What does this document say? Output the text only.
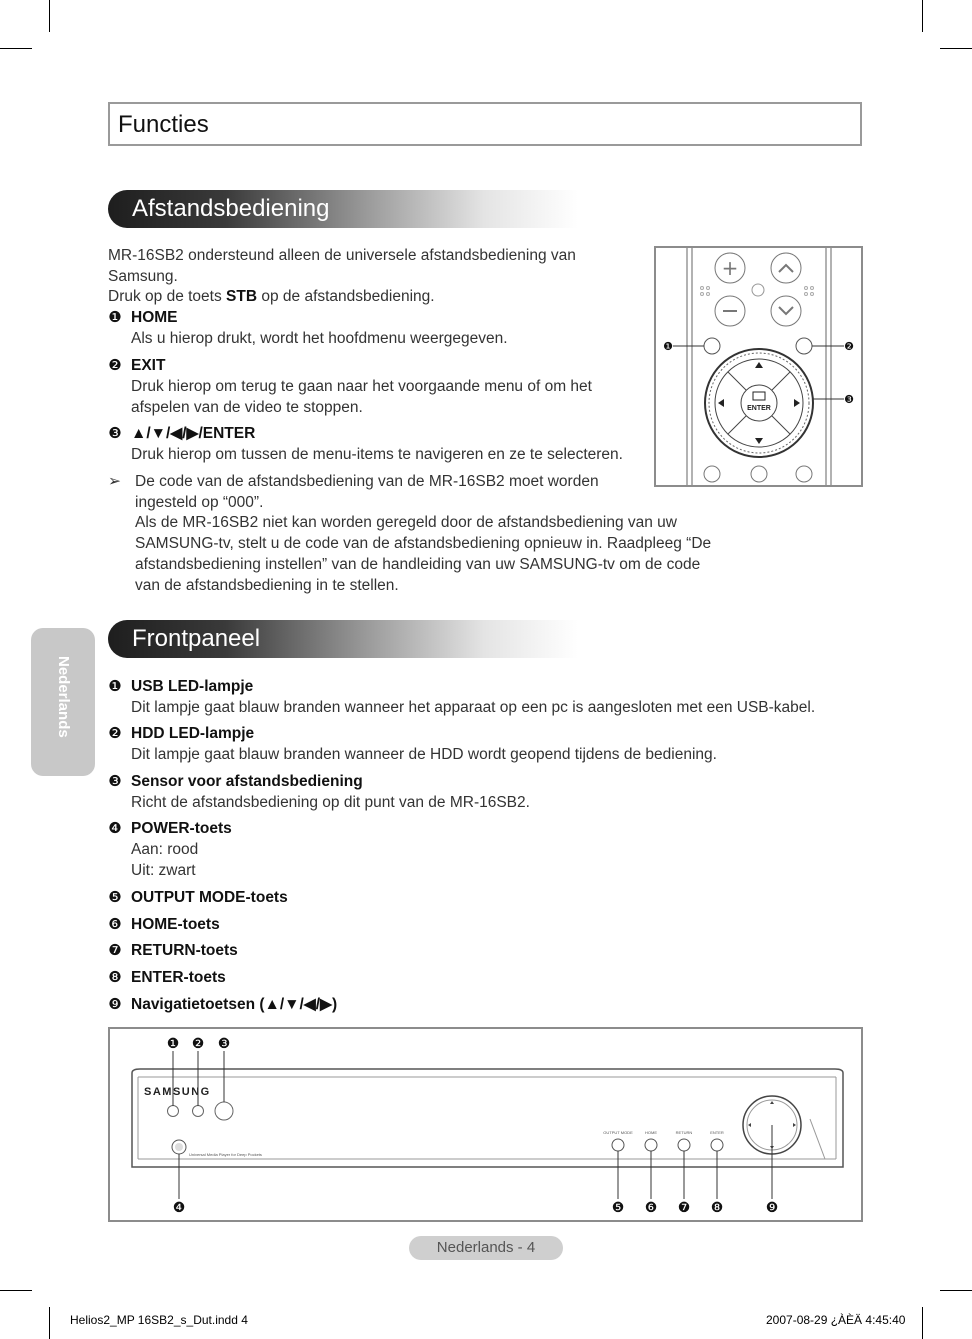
Functies
Afstandsbediening
MR-16SB2 ondersteund alleen de universele afstandsbediening van
Samsung.
Druk op de toets STB op de afstandsbediening.
❶ HOME
Als u hierop drukt, wordt het hoofdmenu weergegeven.
❷ EXIT
Druk hierop om terug te gaan naar het voorgaande menu of om het
afspelen van de video te stoppen.
❸ ▲/▼/◀/▶/ENTER
Druk hierop om tussen de menu-items te navigeren en ze te selecteren.
➢ De code van de afstandsbediening van de MR-16SB2 moet worden
ingesteld op “000”.
Als de MR-16SB2 niet kan worden geregeld door de afstandsbediening van uw
SAMSUNG-tv, stelt u de code van de afstandsbediening opnieuw in. Raadpleeg “De
afstandsbediening instellen” van de handleiding van uw SAMSUNG-tv om de code
van de afstandsbediening in te stellen.
+
ENTER
❶	❷
❸
Nederlands
Frontpaneel
❶ USB LED-lampje
Dit lampje gaat blauw branden wanneer het apparaat op een pc is aangesloten met een USB-kabel.
❷ HDD LED-lampje
Dit lampje gaat blauw branden wanneer de HDD wordt geopend tijdens de bediening.
❸ Sensor voor afstandsbediening
Richt de afstandsbediening op dit punt van de MR-16SB2.
❹ POWER-toets
Aan: rood
Uit: zwart
❺ OUTPUT MODE-toets
❻ HOME-toets
❼ RETURN-toets
❽ ENTER-toets
❾ Navigatietoetsen (▲/▼/◀/▶)
SAMSUNG
Universal Media Player for Deep Pockets
OUTPUT MODE	HOME	RETURN	ENTER
❶ ❷ ❸
❹	❺ ❻ ❼ ❽	❾
Nederlands - 4
Helios2_MP 16SB2_s_Dut.indd 4	2007-08-29 ¿ÀÈÄ 4:45:40
